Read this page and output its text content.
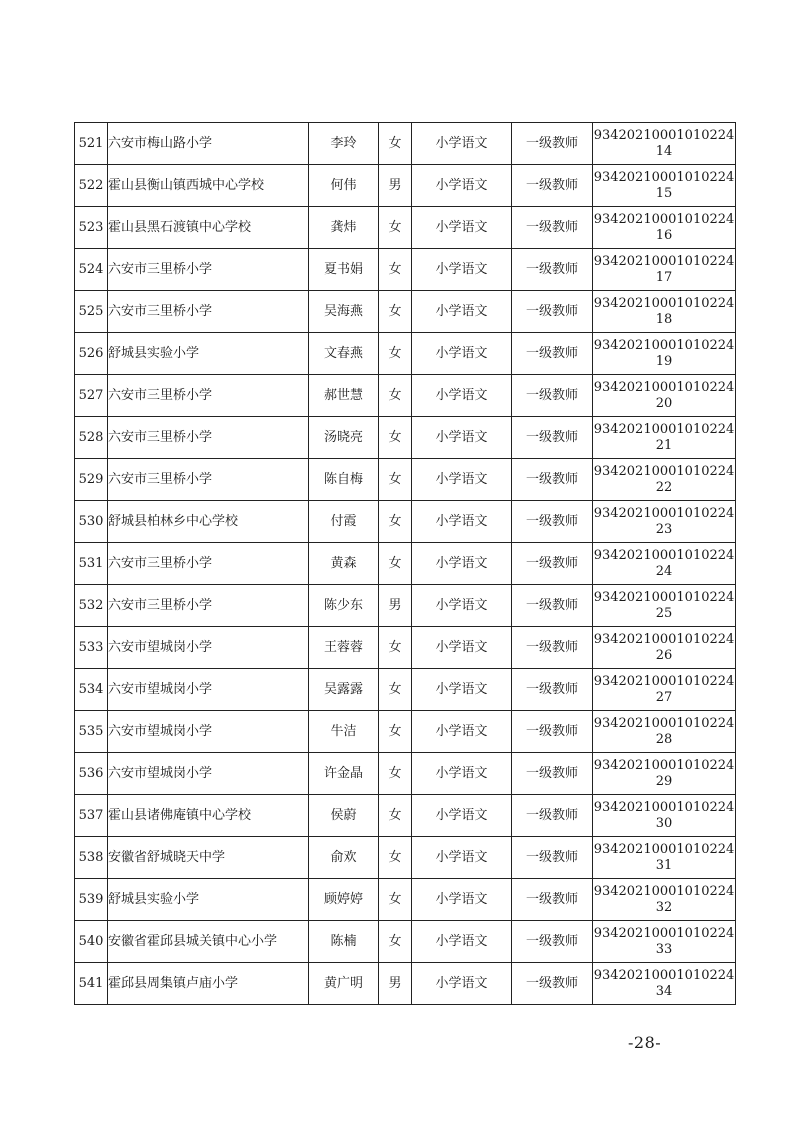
521	六安市梅山路小学	李玲	女	小学语文	一级教师	93420210001010224
14

522	霍山县衡山镇西城中心学校	何伟	男	小学语文	一级教师	93420210001010224
15

523	霍山县黑石渡镇中心学校	龚炜	女	小学语文	一级教师	93420210001010224
16

524	六安市三里桥小学	夏书娟	女	小学语文	一级教师	93420210001010224
17

525	六安市三里桥小学	吴海燕	女	小学语文	一级教师	93420210001010224
18

526	舒城县实验小学	文春燕	女	小学语文	一级教师	93420210001010224
19

527	六安市三里桥小学	郝世慧	女	小学语文	一级教师	93420210001010224
20

528	六安市三里桥小学	汤晓亮	女	小学语文	一级教师	93420210001010224
21

529	六安市三里桥小学	陈自梅	女	小学语文	一级教师	93420210001010224
22

530	舒城县柏林乡中心学校	付霞	女	小学语文	一级教师	93420210001010224
23

531	六安市三里桥小学	黄森	女	小学语文	一级教师	93420210001010224
24

532	六安市三里桥小学	陈少东	男	小学语文	一级教师	93420210001010224
25

533	六安市望城岗小学	王蓉蓉	女	小学语文	一级教师	93420210001010224
26

534	六安市望城岗小学	吴露露	女	小学语文	一级教师	93420210001010224
27

535	六安市望城岗小学	牛洁	女	小学语文	一级教师	93420210001010224
28

536	六安市望城岗小学	许金晶	女	小学语文	一级教师	93420210001010224
29

537	霍山县诸佛庵镇中心学校	侯蔚	女	小学语文	一级教师	93420210001010224
30

538	安徽省舒城晓天中学	俞欢	女	小学语文	一级教师	93420210001010224
31

539	舒城县实验小学	顾婷婷	女	小学语文	一级教师	93420210001010224
32

540	安徽省霍邱县城关镇中心小学	陈楠	女	小学语文	一级教师	93420210001010224
33

541	霍邱县周集镇卢庙小学	黄广明	男	小学语文	一级教师	93420210001010224
34
-28-
